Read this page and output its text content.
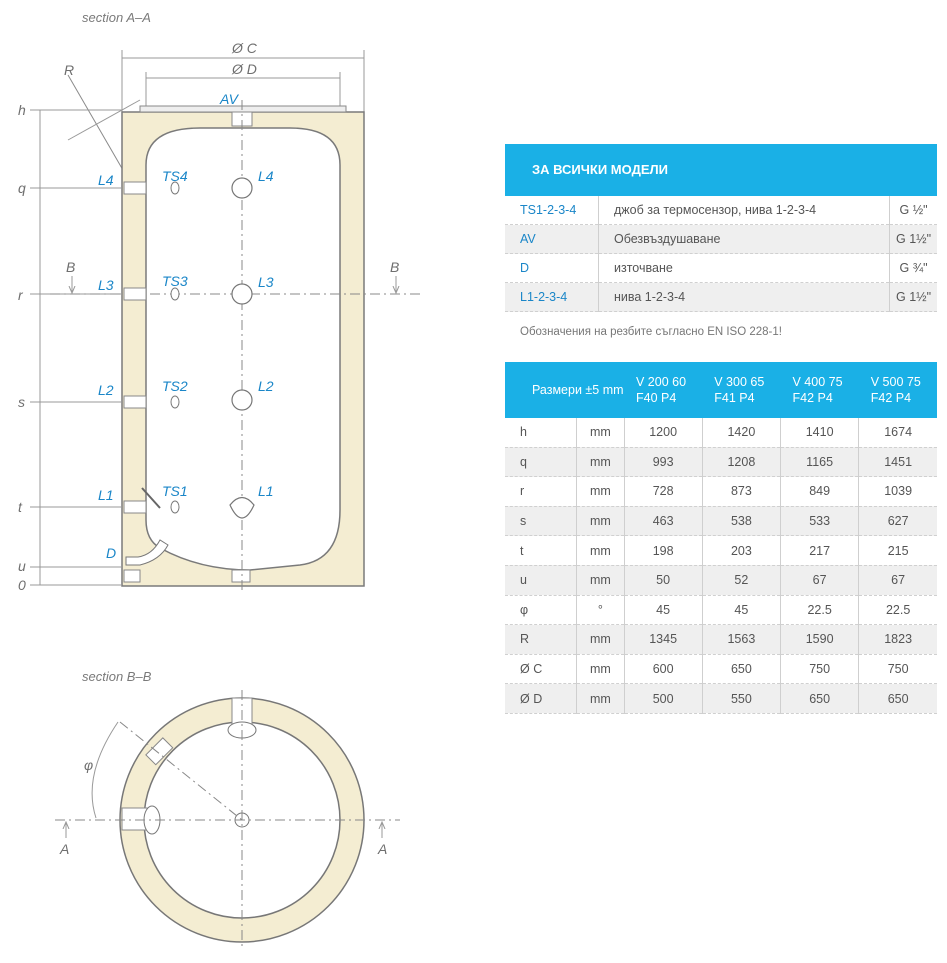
section A–A
Ø C
Ø D
R
h
q
r
s
t
u
0
B	B
AV
L4	TS4	L4
L3	TS3	L3
L2	TS2	L2
L1	TS1	L1
D
section B–B
φ
A	A
ЗА ВСИЧКИ МОДЕЛИ
TS1-2-3-4	джоб за термосензор, нива 1-2-3-4	G ½"
AV	Обезвъздушаване	G 1½"
D	източване	G ¾"
L1-2-3-4	нива 1-2-3-4	G 1½"
Обозначения на резбите съгласно EN ISO 228-1!
Размери ±5 mm		V 200 60 F40 P4	V 300 65 F41 P4	V 400 75 F42 P4	V 500 75 F42 P4
h	mm	1200	1420	1410	1674
q	mm	993	1208	1165	1451
r	mm	728	873	849	1039
s	mm	463	538	533	627
t	mm	198	203	217	215
u	mm	50	52	67	67
φ	°	45	45	22.5	22.5
R	mm	1345	1563	1590	1823
Ø C	mm	600	650	750	750
Ø D	mm	500	550	650	650
